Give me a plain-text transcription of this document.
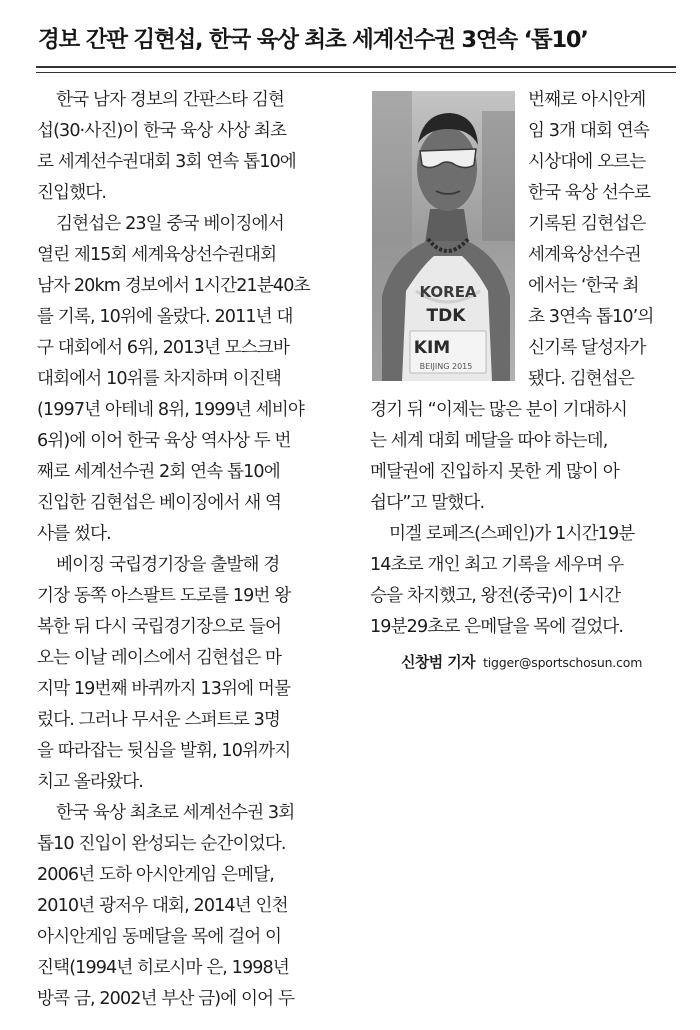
경보 간판 김현섭, 한국 육상 최초 세계선수권 3연속 ‘톱10’
한국 남자 경보의 간판스타 김현
섭(30·사진)이 한국 육상 사상 최초
로 세계선수권대회 3회 연속 톱10에
진입했다.
김현섭은 23일 중국 베이징에서
열린 제15회 세계육상선수권대회
남자 20km 경보에서 1시간21분40초
를 기록, 10위에 올랐다. 2011년 대
구 대회에서 6위, 2013년 모스크바
대회에서 10위를 차지하며 이진택
(1997년 아테네 8위, 1999년 세비야
6위)에 이어 한국 육상 역사상 두 번
째로 세계선수권 2회 연속 톱10에
진입한 김현섭은 베이징에서 새 역
사를 썼다.
베이징 국립경기장을 출발해 경
기장 동쪽 아스팔트 도로를 19번 왕
복한 뒤 다시 국립경기장으로 들어
오는 이날 레이스에서 김현섭은 마
지막 19번째 바퀴까지 13위에 머물
렀다. 그러나 무서운 스퍼트로 3명
을 따라잡는 뒷심을 발휘, 10위까지
치고 올라왔다.
한국 육상 최초로 세계선수권 3회
톱10 진입이 완성되는 순간이었다.
2006년 도하 아시안게임 은메달,
2010년 광저우 대회, 2014년 인천
아시안게임 동메달을 목에 걸어 이
진택(1994년 히로시마 은, 1998년
방콕 금, 2002년 부산 금)에 이어 두
KOREA
TDK
KIM
BEIJING 2015
번째로 아시안게
임 3개 대회 연속
시상대에 오르는
한국 육상 선수로
기록된 김현섭은
세계육상선수권
에서는 ‘한국 최
초 3연속 톱10’의
신기록 달성자가
됐다. 김현섭은
경기 뒤 “이제는 많은 분이 기대하시
는 세계 대회 메달을 따야 하는데,
메달권에 진입하지 못한 게 많이 아
쉽다”고 말했다.
미겔 로페즈(스페인)가 1시간19분
14초로 개인 최고 기록을 세우며 우
승을 차지했고, 왕전(중국)이 1시간
19분29초로 은메달을 목에 걸었다.
신창범 기자 tigger@sportschosun.com
